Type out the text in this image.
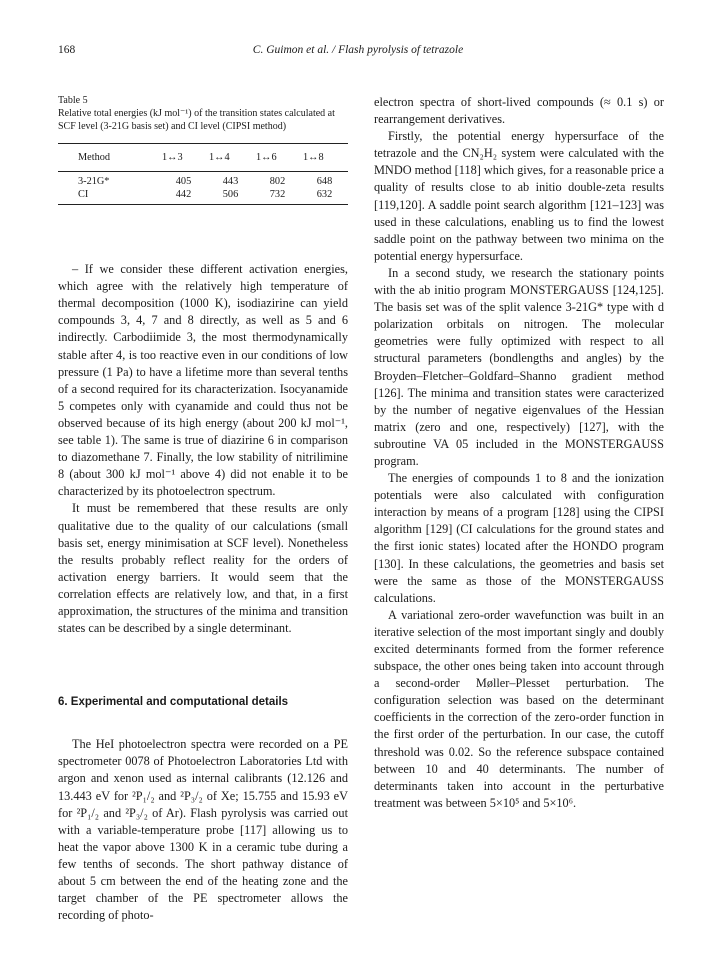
168	C. Guimon et al. / Flash pyrolysis of tetrazole
Table 5
Relative total energies (kJ mol⁻¹) of the transition states calculated at SCF level (3-21G basis set) and CI level (CIPSI method)
Method	1↔3	1↔4	1↔6	1↔8
3-21G*	405	443	802	648
CI	442	506	732	632

– If we consider these different activation energies, which agree with the relatively high temperature of thermal decomposition (1000 K), isodiazirine can yield compounds 3, 4, 7 and 8 directly, as well as 5 and 6 indirectly. Carbodiimide 3, the most thermodynamically stable after 4, is too reactive even in our conditions of low pressure (1 Pa) to have a lifetime more than several tenths of a second required for its characterization. Isocyanamide 5 competes only with cyanamide and could thus not be observed because of its high energy (about 200 kJ mol⁻¹, see table 1). The same is true of diazirine 6 in comparison to diazomethane 7. Finally, the low stability of nitrilimine 8 (about 300 kJ mol⁻¹ above 4) did not enable it to be characterized by its photoelectron spectrum.

It must be remembered that these results are only qualitative due to the quality of our calculations (small basis set, energy minimisation at SCF level). Nonetheless the results probably reflect reality for the orders of activation energy barriers. It would seem that the correlation effects are relatively low, and that, in a first approximation, the structures of the minima and transition states can be described by a single determinant.

6. Experimental and computational details

The HeI photoelectron spectra were recorded on a PE spectrometer 0078 of Photoelectron Laboratories Ltd with argon and xenon used as internal calibrants (12.126 and 13.443 eV for ²P₁/₂ and ²P₃/₂ of Xe; 15.755 and 15.93 eV for ²P₁/₂ and ²P₃/₂ of Ar). Flash pyrolysis was carried out with a variable-temperature probe [117] allowing us to heat the vapor above 1300 K in a ceramic tube during a few tenths of seconds. The short pathway distance of about 5 cm between the end of the heating zone and the target chamber of the PE spectrometer allows the recording of photo-

electron spectra of short-lived compounds (≈ 0.1 s) or rearrangement derivatives.

Firstly, the potential energy hypersurface of the tetrazole and the CN₂H₂ system were calculated with the MNDO method [118] which gives, for a reasonable price a quality of results close to ab initio double-zeta results [119,120]. A saddle point search algorithm [121–123] was used in these calculations, enabling us to find the lowest saddle point on the pathway between two minima on the potential energy hypersurface.

In a second study, we research the stationary points with the ab initio program MONSTERGAUSS [124,125]. The basis set was of the split valence 3-21G* type with d polarization orbitals on nitrogen. The molecular geometries were fully optimized with respect to all structural parameters (bondlengths and angles) by the Broyden–Fletcher–Goldfard–Shanno gradient method [126]. The minima and transition states were caracterized by the number of negative eigenvalues of the Hessian matrix (zero and one, respectively) [127], with the subroutine VA 05 included in the MONSTERGAUSS program.

The energies of compounds 1 to 8 and the ionization potentials were also calculated with configuration interaction by means of a program [128] using the CIPSI algorithm [129] (CI calculations for the ground states and the first ionic states) located after the HONDO program [130]. In these calculations, the geometries and basis set were the same as those of the MONSTERGAUSS calculations.

A variational zero-order wavefunction was built in an iterative selection of the most important singly and doubly excited determinants formed from the former reference subspace, the other ones being taken into account through a second-order Møller–Plesset perturbation. The configuration selection was based on the determinant coefficients in the correction of the zero-order function in the first order of the perturbation. In our case, the cutoff threshold was 0.02. So the reference subspace contained between 10 and 40 determinants. The number of determinants taken into account in the perturbative treatment was between 5×10⁵ and 5×10⁶.
